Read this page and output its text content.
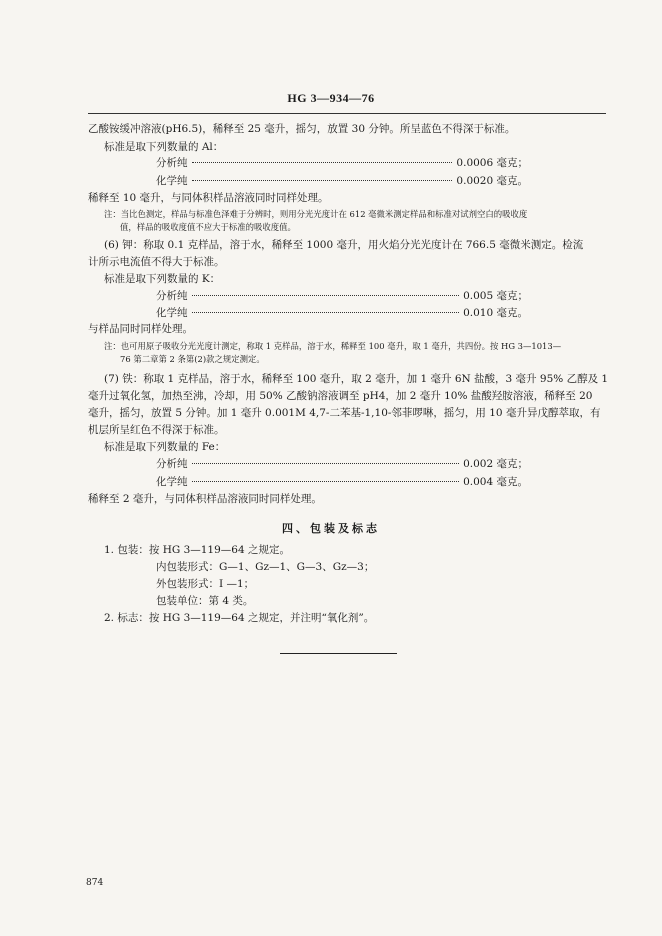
HG 3—934—76
乙酸铵缓冲溶液(pH6.5)，稀释至 25 毫升，摇匀，放置 30 分钟。所呈蓝色不得深于标准。
标准是取下列数量的 Al：
分析纯	0.0006 毫克；
化学纯	0.0020 毫克。
稀释至 10 毫升，与同体积样品溶液同时同样处理。
注：当比色测定，样品与标准色泽难于分辨时，则用分光光度计在 612 毫微米测定样品和标准对试剂空白的吸收度
值，样品的吸收度值不应大于标准的吸收度值。
(6) 钾：称取 0.1 克样品，溶于水，稀释至 1000 毫升，用火焰分光光度计在 766.5 毫微米测定。检流
计所示电流值不得大于标准。
标准是取下列数量的 K：
分析纯	0.005 毫克；
化学纯	0.010 毫克。
与样品同时同样处理。
注：也可用原子吸收分光光度计测定，称取 1 克样品，溶于水，稀释至 100 毫升，取 1 毫升，共四份。按 HG 3—1013—
76 第二章第 2 条第(2)款之规定测定。
(7) 铁：称取 1 克样品，溶于水，稀释至 100 毫升，取 2 毫升，加 1 毫升 6N 盐酸，3 毫升 95% 乙醇及 1
毫升过氧化氢，加热至沸，冷却，用 50% 乙酸钠溶液调至 pH4，加 2 毫升 10% 盐酸羟胺溶液，稀释至 20
毫升，摇匀，放置 5 分钟。加 1 毫升 0.001M 4,7-二苯基-1,10-邻菲啰啉，摇匀，用 10 毫升异戊醇萃取，有
机层所呈红色不得深于标准。
标准是取下列数量的 Fe：
分析纯	0.002 毫克；
化学纯	0.004 毫克。
稀释至 2 毫升，与同体积样品溶液同时同样处理。
四、包装及标志
1. 包装：按 HG 3—119—64 之规定。
内包装形式：G—1、Gz—1、G—3、Gz—3；
外包装形式：I —1；
包装单位：第 4 类。
2. 标志：按 HG 3—119—64 之规定，并注明“氧化剂”。
874
